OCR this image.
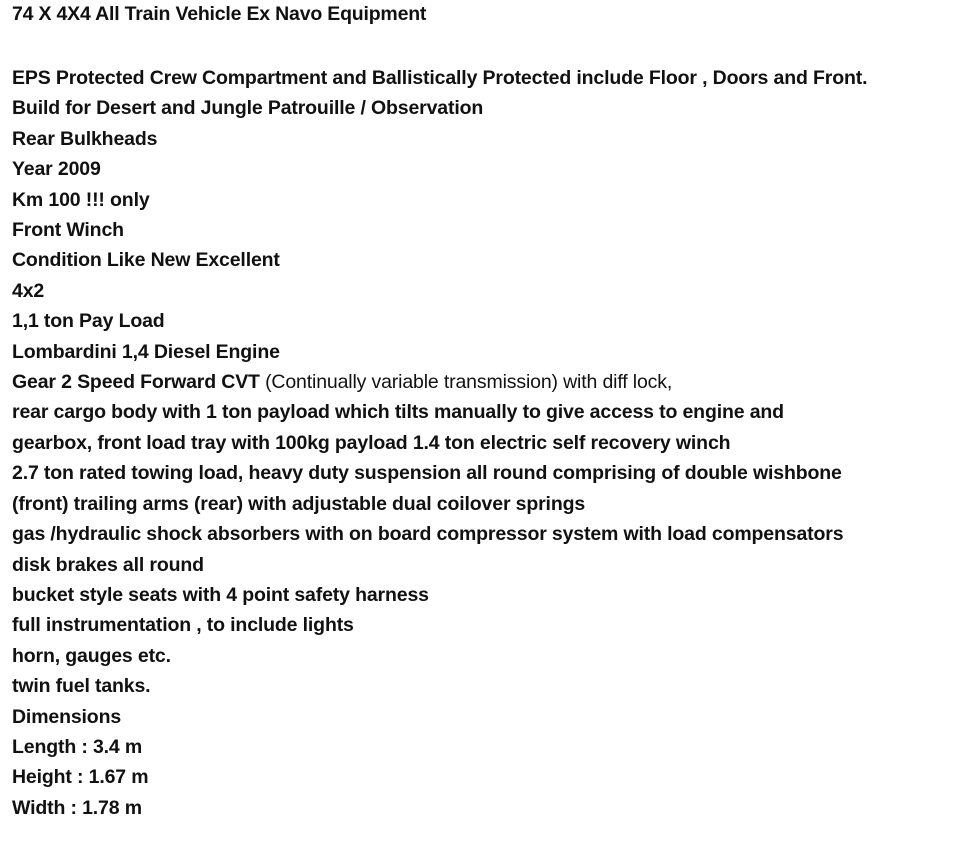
74 X 4X4 All Train Vehicle Ex Navo Equipment

EPS Protected Crew Compartment and Ballistically Protected include Floor , Doors and Front.

Build for Desert and Jungle Patrouille / Observation

Rear Bulkheads

Year 2009

Km 100 !!! only

Front Winch

Condition Like New Excellent

4x2

1,1 ton Pay Load

Lombardini 1,4 Diesel Engine

Gear 2 Speed Forward CVT (Continually variable transmission) with diff lock,

rear cargo body with 1 ton payload which tilts manually to give access to engine and

gearbox, front load tray with 100kg payload 1.4 ton electric self recovery winch

2.7 ton rated towing load, heavy duty suspension all round comprising of double wishbone

(front) trailing arms (rear) with adjustable dual coilover springs

gas /hydraulic shock absorbers with on board compressor system with load compensators

disk brakes all round

bucket style seats with 4 point safety harness

full instrumentation , to include lights

horn, gauges etc.

twin fuel tanks.

Dimensions

Length : 3.4 m

Height : 1.67 m

Width : 1.78 m
